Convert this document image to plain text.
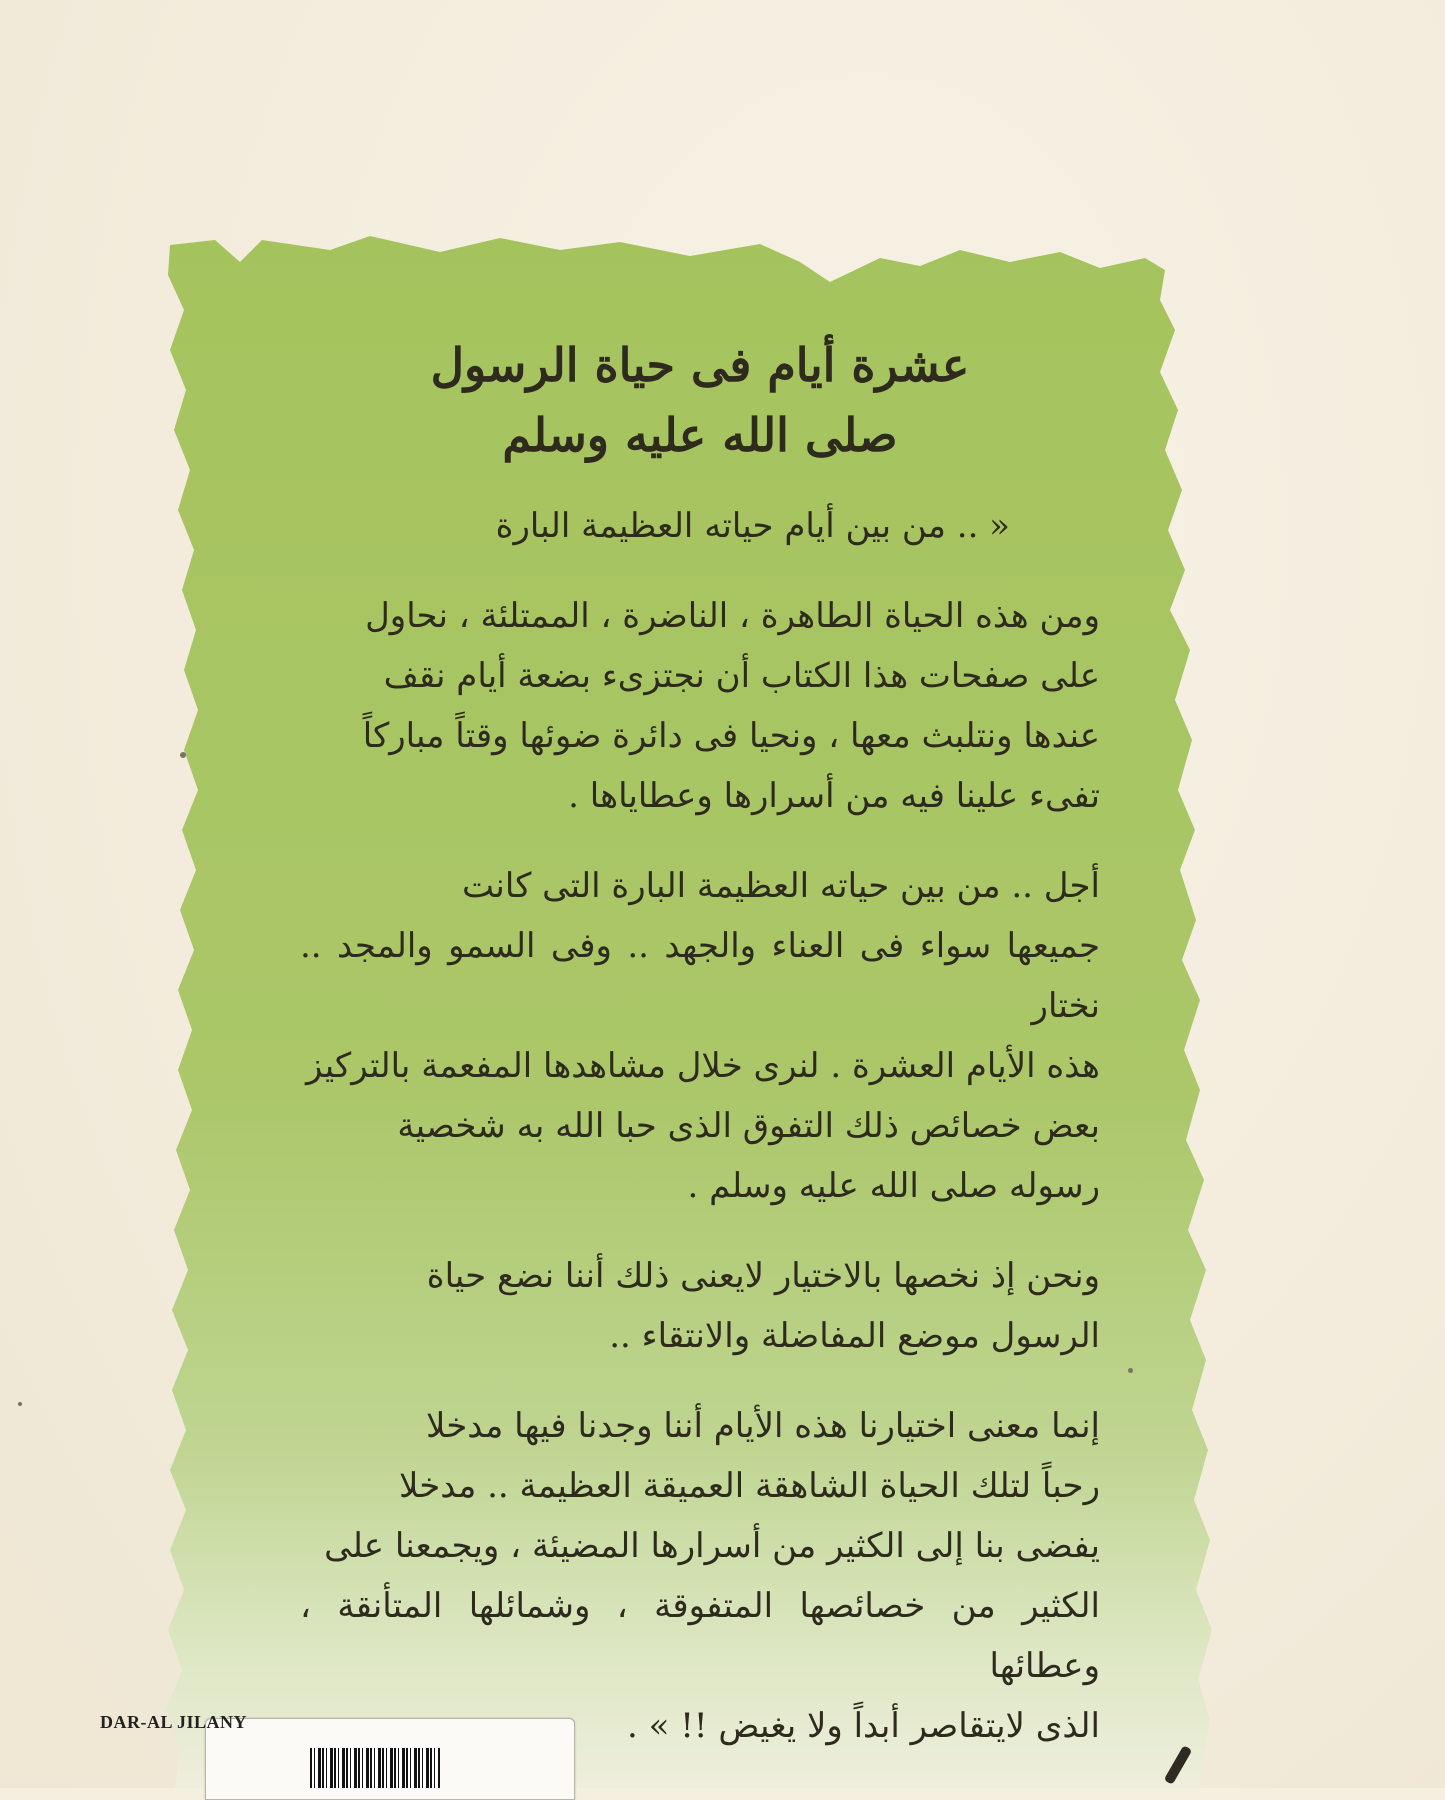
عشرة أيام فى حياة الرسول
صلى الله عليه وسلم
« .. من بين أيام حياته العظيمة البارة

ومن هذه الحياة الطاهرة ، الناضرة ، الممتلئة ، نحاول

على صفحات هذا الكتاب أن نجتزىء بضعة أيام نقف

عندها ونتلبث معها ، ونحيا فى دائرة ضوئها وقتاً مباركاً

تفىء علينا فيه من أسرارها وعطاياها .

أجل .. من بين حياته العظيمة البارة التى كانت

جميعها سواء فى العناء والجهد .. وفى السمو والمجد .. نختار

هذه الأيام العشرة . لنرى خلال مشاهدها المفعمة بالتركيز

بعض خصائص ذلك التفوق الذى حبا الله به شخصية

رسوله صلى الله عليه وسلم .

ونحن إذ نخصها بالاختيار لايعنى ذلك أننا نضع حياة

الرسول موضع المفاضلة والانتقاء ..

إنما معنى اختيارنا هذه الأيام أننا وجدنا فيها مدخلا

رحباً لتلك الحياة الشاهقة العميقة العظيمة .. مدخلا

يفضى بنا إلى الكثير من أسرارها المضيئة ، ويجمعنا على

الكثير من خصائصها المتفوقة ، وشمائلها المتأنقة ، وعطائها

الذى لايتقاصر أبداً ولا يغيض !! » .

DAR-AL JILANY
